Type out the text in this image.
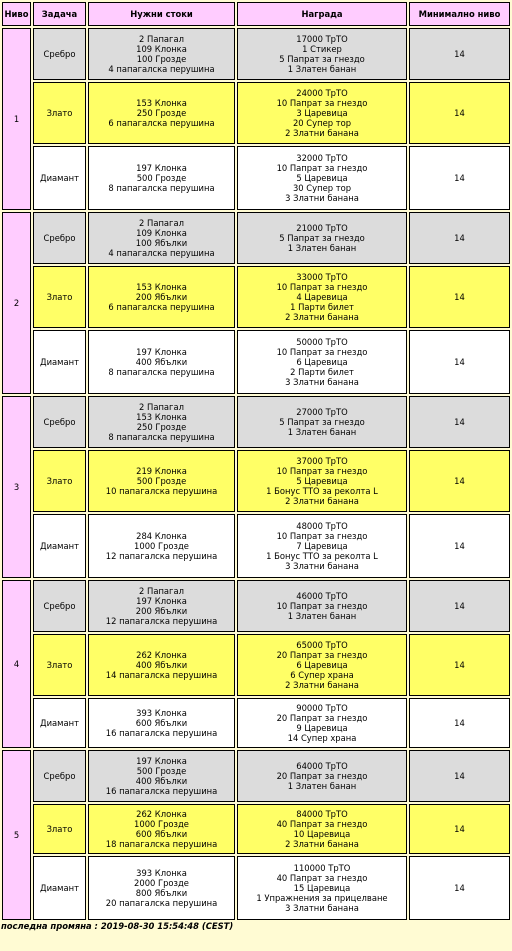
Ниво	Задача	Нужни стоки	Награда	Минимално ниво
1	Сребро	2 Папагал
109 Клонка
100 Грозде
4 папагалска перушина	17000 ТрТО
1 Стикер
5 Папрат за гнездо
1 Златен банан	14
	Злато	153 Клонка
250 Грозде
6 папагалска перушина	24000 ТрТО
10 Папрат за гнездо
3 Царевица
20 Супер тор
2 Златни банана	14
	Диамант	197 Клонка
500 Грозде
8 папагалска перушина	32000 ТрТО
10 Папрат за гнездо
5 Царевица
30 Супер тор
3 Златни банана	14
2	Сребро	2 Папагал
109 Клонка
100 Ябълки
4 папагалска перушина	21000 ТрТО
5 Папрат за гнездо
1 Златен банан	14
	Злато	153 Клонка
200 Ябълки
6 папагалска перушина	33000 ТрТО
10 Папрат за гнездо
4 Царевица
1 Парти билет
2 Златни банана	14
	Диамант	197 Клонка
400 Ябълки
8 папагалска перушина	50000 ТрТО
10 Папрат за гнездо
6 Царевица
2 Парти билет
3 Златни банана	14
3	Сребро	2 Папагал
153 Клонка
250 Грозде
8 папагалска перушина	27000 ТрТО
5 Папрат за гнездо
1 Златен банан	14
	Злато	219 Клонка
500 Грозде
10 папагалска перушина	37000 ТрТО
10 Папрат за гнездо
5 Царевица
1 Бонус ТТО за реколта L
2 Златни банана	14
	Диамант	284 Клонка
1000 Грозде
12 папагалска перушина	48000 ТрТО
10 Папрат за гнездо
7 Царевица
1 Бонус ТТО за реколта L
3 Златни банана	14
4	Сребро	2 Папагал
197 Клонка
200 Ябълки
12 папагалска перушина	46000 ТрТО
10 Папрат за гнездо
1 Златен банан	14
	Злато	262 Клонка
400 Ябълки
14 папагалска перушина	65000 ТрТО
20 Папрат за гнездо
6 Царевица
6 Супер храна
2 Златни банана	14
	Диамант	393 Клонка
600 Ябълки
16 папагалска перушина	90000 ТрТО
20 Папрат за гнездо
9 Царевица
14 Супер храна	14
5	Сребро	197 Клонка
500 Грозде
400 Ябълки
16 папагалска перушина	64000 ТрТО
20 Папрат за гнездо
1 Златен банан	14
	Злато	262 Клонка
1000 Грозде
600 Ябълки
18 папагалска перушина	84000 ТрТО
40 Папрат за гнездо
10 Царевица
2 Златни банана	14
	Диамант	393 Клонка
2000 Грозде
800 Ябълки
20 папагалска перушина	110000 ТрТО
40 Папрат за гнездо
15 Царевица
1 Упражнения за прицелване
3 Златни банана	14
последна промяна : 2019-08-30 15:54:48 (CEST)
